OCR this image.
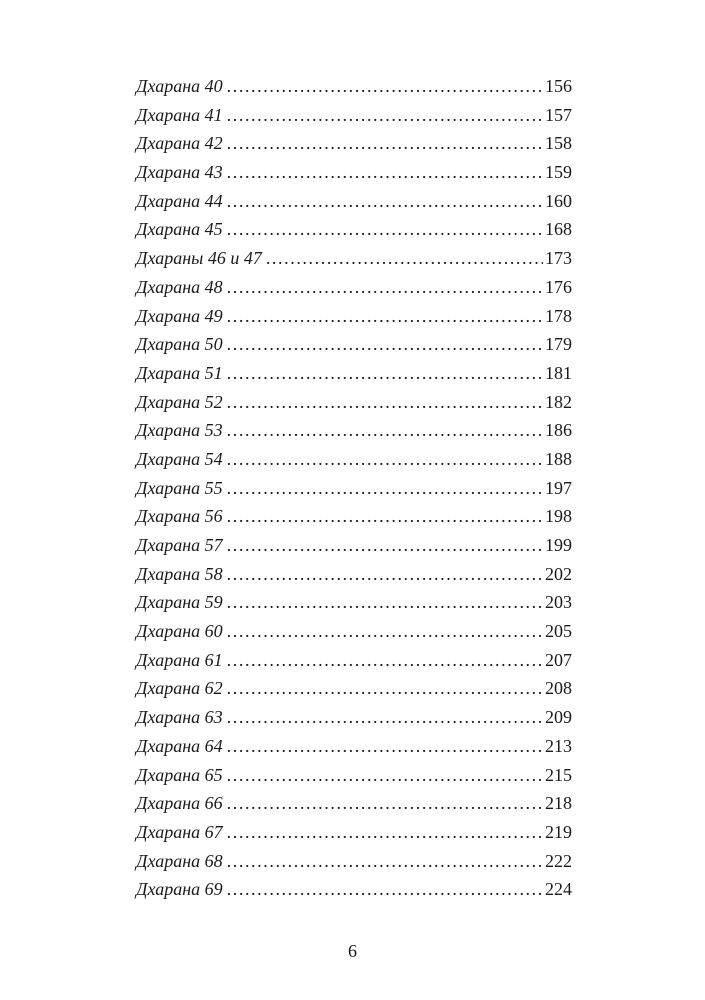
Дхарана 40 .....	156
Дхарана 41 .....	157
Дхарана 42 .....	158
Дхарана 43 .....	159
Дхарана 44 .....	160
Дхарана 45 .....	168
Дхараны 46 и 47 .....	173
Дхарана 48 .....	176
Дхарана 49 .....	178
Дхарана 50 .....	179
Дхарана 51 .....	181
Дхарана 52 .....	182
Дхарана 53 .....	186
Дхарана 54 .....	188
Дхарана 55 .....	197
Дхарана 56 .....	198
Дхарана 57 .....	199
Дхарана 58 .....	202
Дхарана 59 .....	203
Дхарана 60 .....	205
Дхарана 61 .....	207
Дхарана 62 .....	208
Дхарана 63 .....	209
Дхарана 64 .....	213
Дхарана 65 .....	215
Дхарана 66 .....	218
Дхарана 67 .....	219
Дхарана 68 .....	222
Дхарана 69 .....	224
6
